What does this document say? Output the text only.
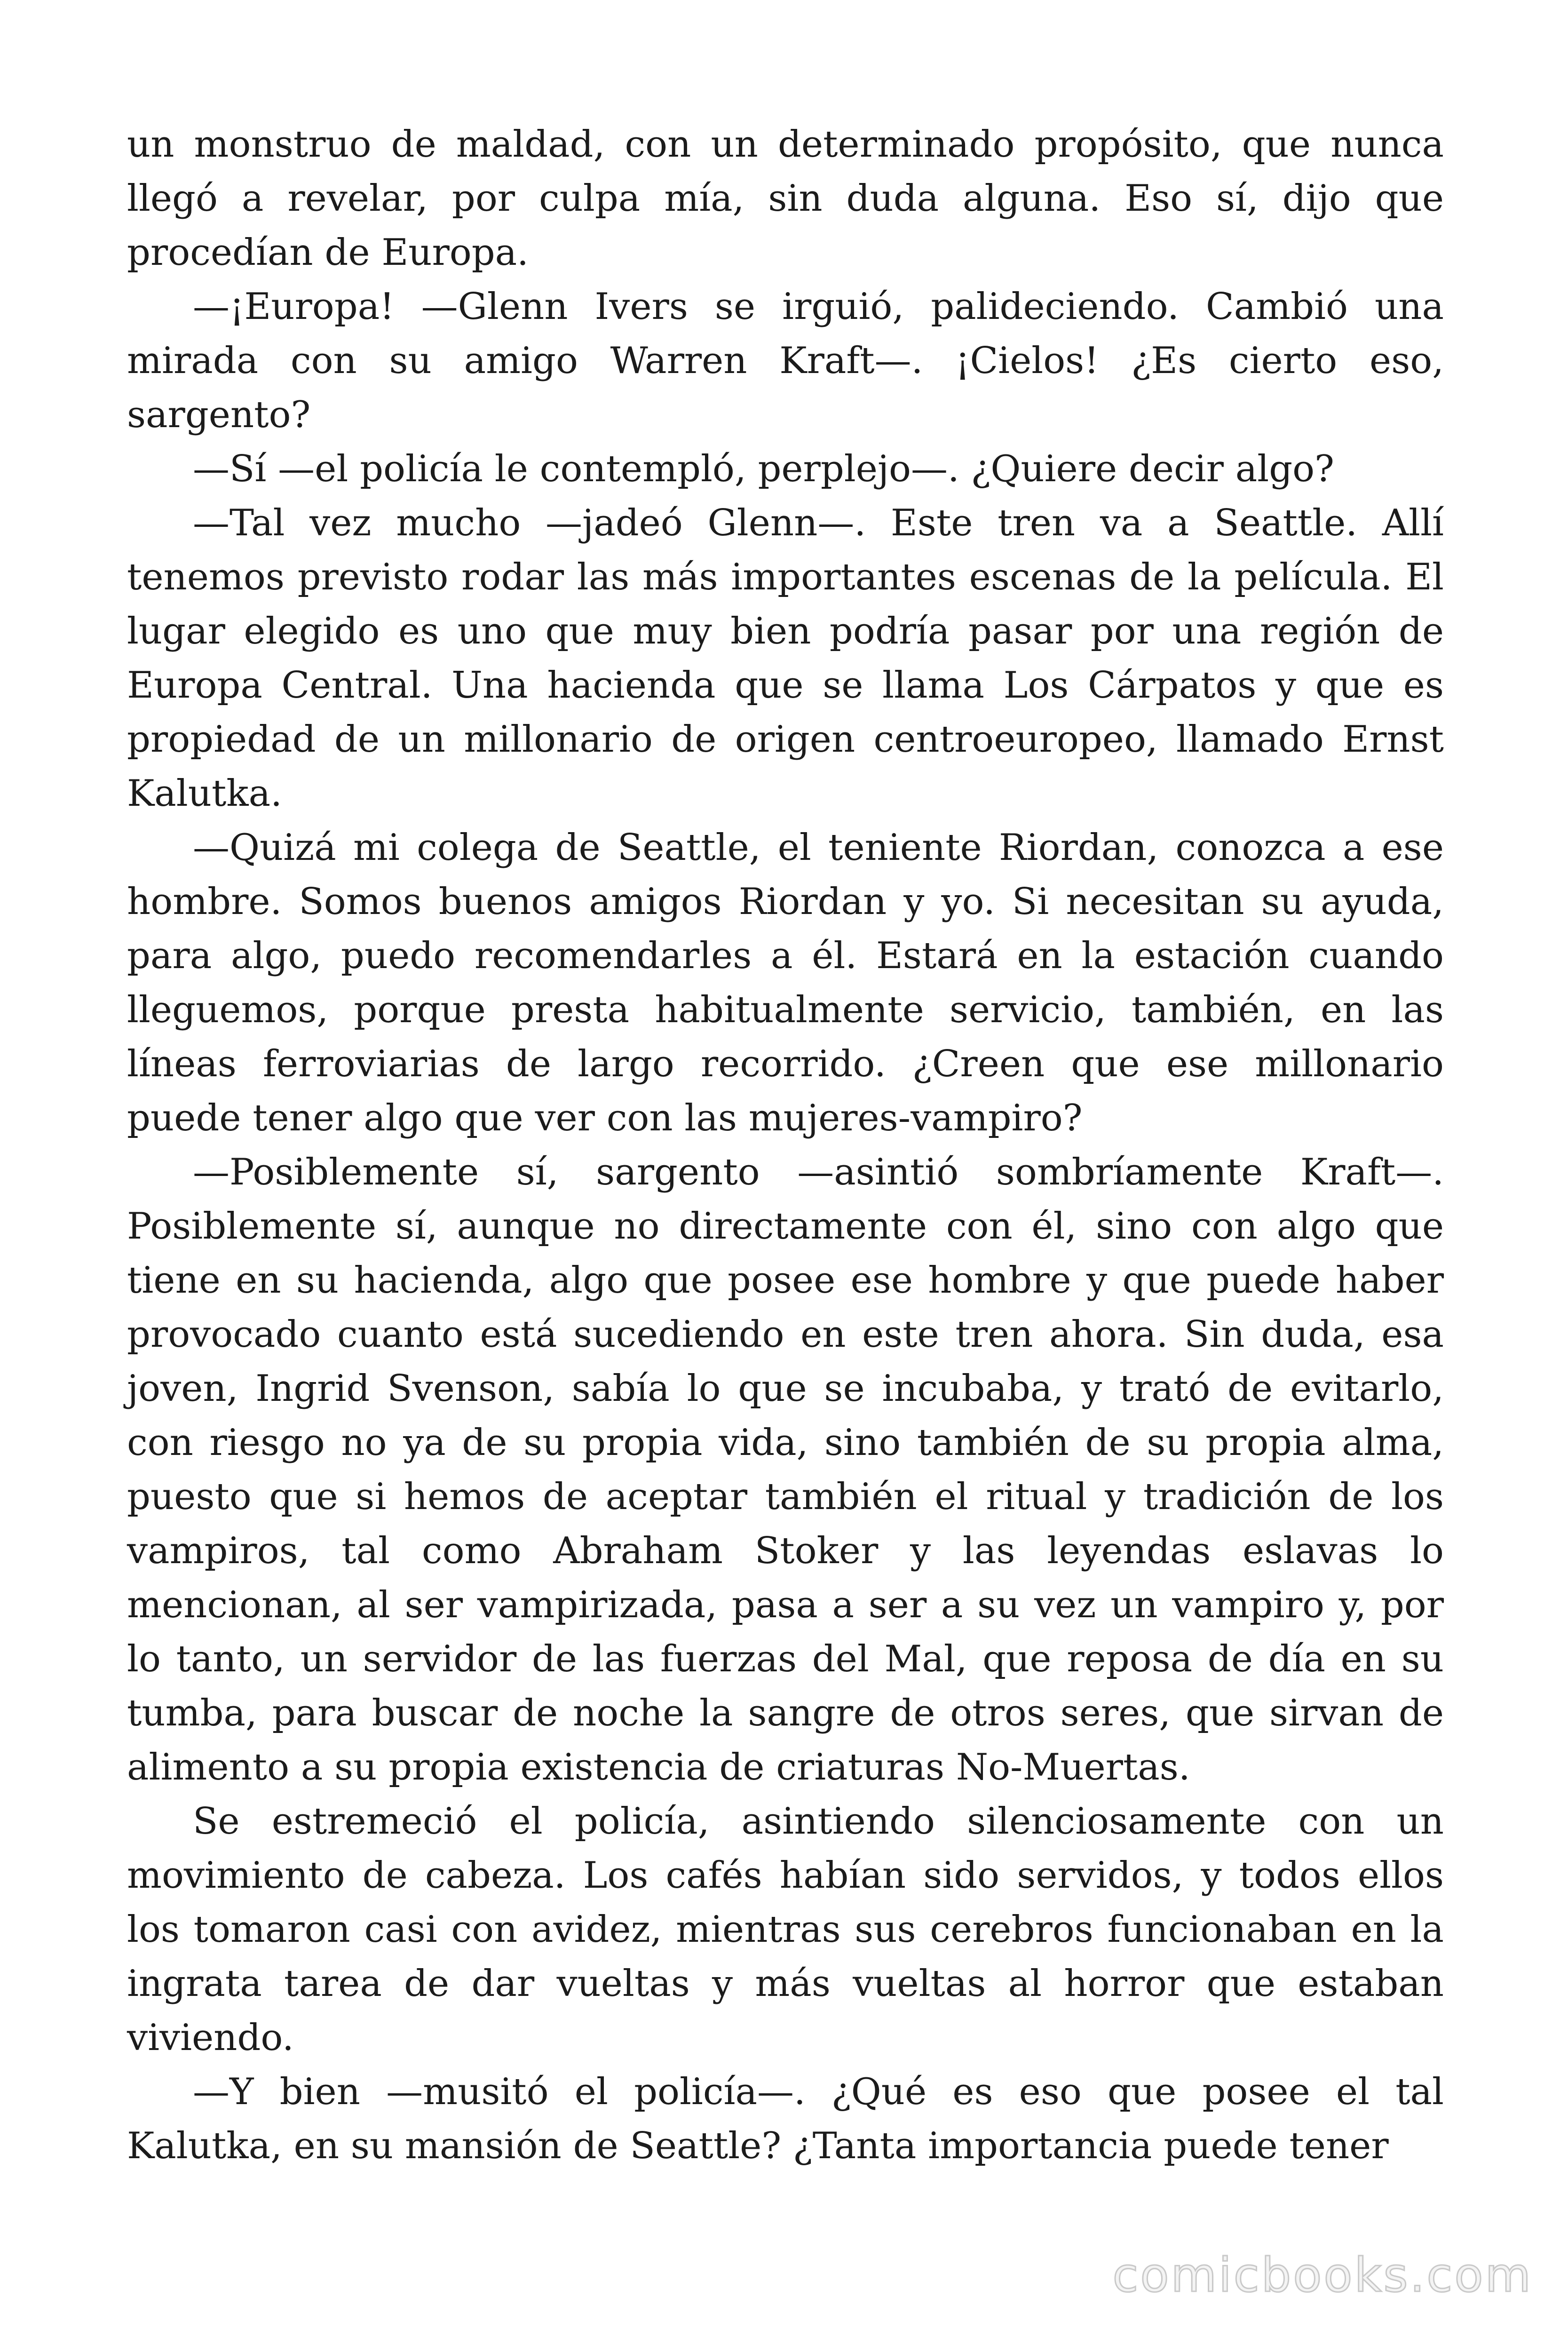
un monstruo de maldad, con un determinado propósito, que nunca llegó a revelar, por culpa mía, sin duda alguna. Eso sí, dijo que procedían de Europa.

—¡Europa! —Glenn Ivers se irguió, palideciendo. Cambió una mirada con su amigo Warren Kraft—. ¡Cielos! ¿Es cierto eso, sargento?

—Sí —el policía le contempló, perplejo—. ¿Quiere decir algo?

—Tal vez mucho —jadeó Glenn—. Este tren va a Seattle. Allí tenemos previsto rodar las más importantes escenas de la película. El lugar elegido es uno que muy bien podría pasar por una región de Europa Central. Una hacienda que se llama Los Cárpatos y que es propiedad de un millonario de origen centroeuropeo, llamado Ernst Kalutka.

—Quizá mi colega de Seattle, el teniente Riordan, conozca a ese hombre. Somos buenos amigos Riordan y yo. Si necesitan su ayuda, para algo, puedo recomendarles a él. Estará en la estación cuando lleguemos, porque presta habitualmente servicio, también, en las líneas ferroviarias de largo recorrido. ¿Creen que ese millonario puede tener algo que ver con las mujeres-vampiro?

—Posiblemente sí, sargento —asintió sombríamente Kraft—. Posiblemente sí, aunque no directamente con él, sino con algo que tiene en su hacienda, algo que posee ese hombre y que puede haber provocado cuanto está sucediendo en este tren ahora. Sin duda, esa joven, Ingrid Svenson, sabía lo que se incubaba, y trató de evitarlo, con riesgo no ya de su propia vida, sino también de su propia alma, puesto que si hemos de aceptar también el ritual y tradición de los vampiros, tal como Abraham Stoker y las leyendas eslavas lo mencionan, al ser vampirizada, pasa a ser a su vez un vampiro y, por lo tanto, un servidor de las fuerzas del Mal, que reposa de día en su tumba, para buscar de noche la sangre de otros seres, que sirvan de alimento a su propia existencia de criaturas No-Muertas.

Se estremeció el policía, asintiendo silenciosamente con un movimiento de cabeza. Los cafés habían sido servidos, y todos ellos los tomaron casi con avidez, mientras sus cerebros funcionaban en la ingrata tarea de dar vueltas y más vueltas al horror que estaban viviendo.

—Y bien —musitó el policía—. ¿Qué es eso que posee el tal Kalutka, en su mansión de Seattle? ¿Tanta importancia puede tener

comicbooks.com
